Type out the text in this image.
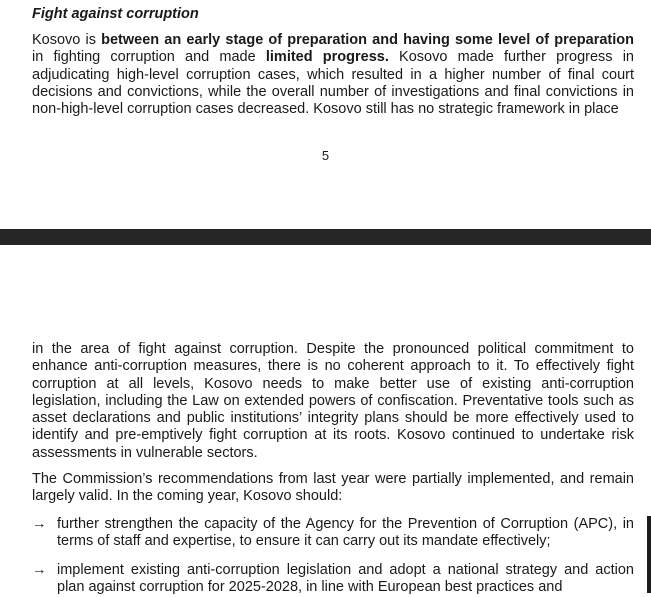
Fight against corruption

Kosovo is between an early stage of preparation and having some level of preparation in fighting corruption and made limited progress. Kosovo made further progress in adjudicating high-level corruption cases, which resulted in a higher number of final court decisions and convictions, while the overall number of investigations and final convictions in non-high-level corruption cases decreased. Kosovo still has no strategic framework in place

5

in the area of fight against corruption. Despite the pronounced political commitment to enhance anti-corruption measures, there is no coherent approach to it. To effectively fight corruption at all levels, Kosovo needs to make better use of existing anti-corruption legislation, including the Law on extended powers of confiscation. Preventative tools such as asset declarations and public institutions’ integrity plans should be more effectively used to identify and pre-emptively fight corruption at its roots. Kosovo continued to undertake risk assessments in vulnerable sectors.

The Commission’s recommendations from last year were partially implemented, and remain largely valid. In the coming year, Kosovo should:

→ further strengthen the capacity of the Agency for the Prevention of Corruption (APC), in terms of staff and expertise, to ensure it can carry out its mandate effectively;
→ implement existing anti-corruption legislation and adopt a national strategy and action plan against corruption for 2025-2028, in line with European best practices and
